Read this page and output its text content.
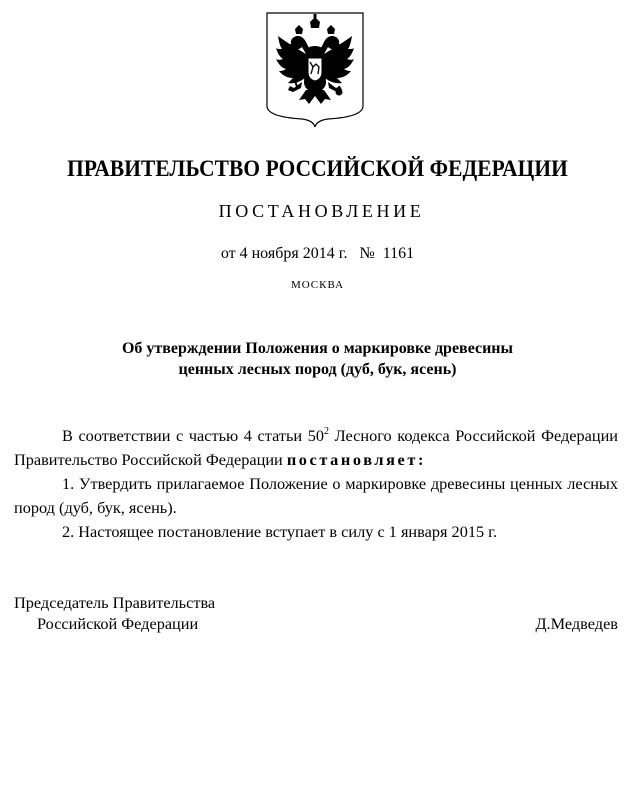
ПРАВИТЕЛЬСТВО РОССИЙСКОЙ ФЕДЕРАЦИИ
ПОСТАНОВЛЕНИЕ
от 4 ноября 2014 г. № 1161
МОСКВА
Об утверждении Положения о маркировке древесины
ценных лесных пород (дуб, бук, ясень)

В соответствии с частью 4 статьи $50^2$ Лесного кодекса Российской Федерации Правительство Российской Федерации постановляет:

1. Утвердить прилагаемое Положение о маркировке древесины ценных лесных пород (дуб, бук, ясень).

2. Настоящее постановление вступает в силу с 1 января 2015 г.

Председатель Правительства
Российской Федерации	Д.Медведев
